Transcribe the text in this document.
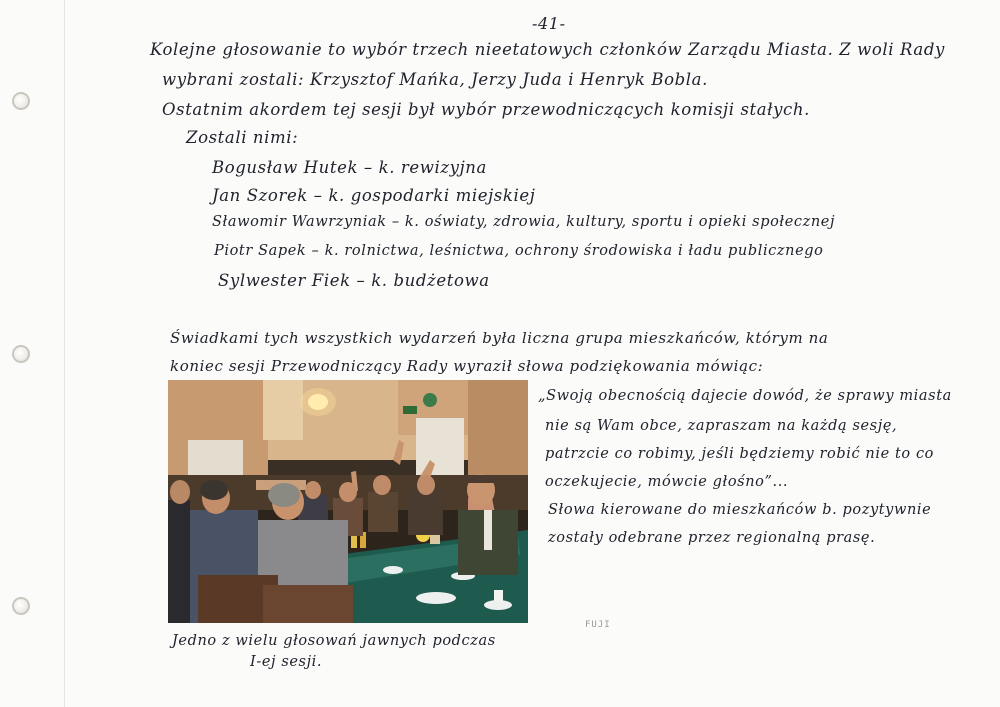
-41-
Kolejne głosowanie to wybór trzech nieetatowych członków Zarządu Miasta. Z woli Rady
wybrani zostali: Krzysztof Mańka, Jerzy Juda i Henryk Bobla.
Ostatnim akordem tej sesji był wybór przewodniczących komisji stałych.
Zostali nimi:
Bogusław Hutek – k. rewizyjna
Jan Szorek – k. gospodarki miejskiej
Sławomir Wawrzyniak – k. oświaty, zdrowia, kultury, sportu i opieki społecznej
Piotr Sapek – k. rolnictwa, leśnictwa, ochrony środowiska i ładu publicznego
Sylwester Fiek – k. budżetowa
Świadkami tych wszystkich wydarzeń była liczna grupa mieszkańców, którym na
koniec sesji Przewodniczący Rady wyraził słowa podziękowania mówiąc:
„Swoją obecnością dajecie dowód, że sprawy miasta
nie są Wam obce, zapraszam na każdą sesję,
patrzcie co robimy, jeśli będziemy robić nie to co
oczekujecie, mówcie głośno”...
Słowa kierowane do mieszkańców b. pozytywnie
zostały odebrane przez regionalną prasę.
Jedno z wielu głosowań jawnych podczas
I-ej sesji.
FUJI
